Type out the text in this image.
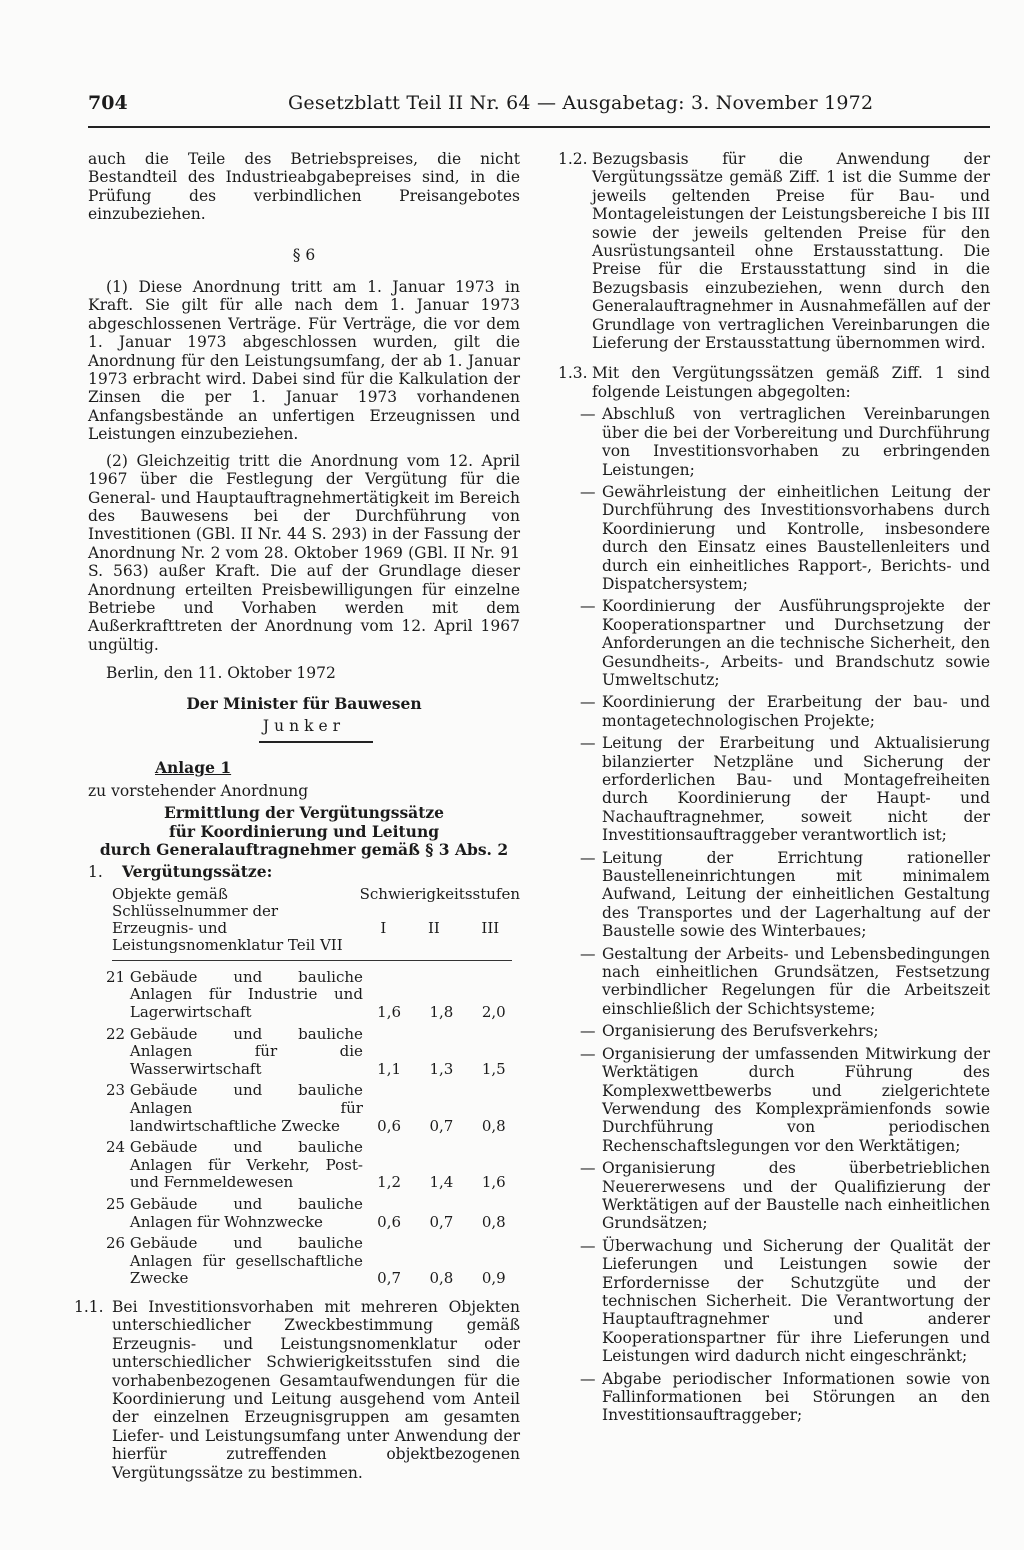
704	Gesetzblatt Teil II Nr. 64 — Ausgabetag: 3. November 1972

auch die Teile des Betriebspreises, die nicht Bestandteil des Industrieabgabepreises sind, in die Prüfung des verbindlichen Preisangebotes einzubeziehen.

§ 6

(1) Diese Anordnung tritt am 1. Januar 1973 in Kraft. Sie gilt für alle nach dem 1. Januar 1973 abgeschlossenen Verträge. Für Verträge, die vor dem 1. Januar 1973 abgeschlossen wurden, gilt die Anordnung für den Leistungsumfang, der ab 1. Januar 1973 erbracht wird. Dabei sind für die Kalkulation der Zinsen die per 1. Januar 1973 vorhandenen Anfangsbestände an unfertigen Erzeugnissen und Leistungen einzubeziehen.

(2) Gleichzeitig tritt die Anordnung vom 12. April 1967 über die Festlegung der Vergütung für die General- und Hauptauftragnehmertätigkeit im Bereich des Bauwesens bei der Durchführung von Investitionen (GBl. II Nr. 44 S. 293) in der Fassung der Anordnung Nr. 2 vom 28. Oktober 1969 (GBl. II Nr. 91 S. 563) außer Kraft. Die auf der Grundlage dieser Anordnung erteilten Preisbewilligungen für einzelne Betriebe und Vorhaben werden mit dem Außerkrafttreten der Anordnung vom 12. April 1967 ungültig.

Berlin, den 11. Oktober 1972

Der Minister für Bauwesen

Junker

Anlage 1

zu vorstehender Anordnung

Ermittlung der Vergütungssätze

für Koordinierung und Leitung

durch Generalauftragnehmer gemäß § 3 Abs. 2

1.	Vergütungssätze:
Objekte gemäß Schlüsselnummer der Erzeugnis- und Leistungsnomenklatur Teil VII
Schwierigkeitsstufen
I	II	III
21	Gebäude und bauliche Anlagen für Industrie und Lagerwirtschaft	1,6	1,8	2,0

22	Gebäude und bauliche Anlagen für die Wasserwirtschaft	1,1	1,3	1,5

23	Gebäude und bauliche Anlagen für landwirtschaftliche Zwecke	0,6	0,7	0,8

24	Gebäude und bauliche Anlagen für Verkehr, Post- und Fernmeldewesen	1,2	1,4	1,6

25	Gebäude und bauliche Anlagen für Wohnzwecke	0,6	0,7	0,8

26	Gebäude und bauliche Anlagen für gesellschaftliche Zwecke	0,7	0,8	0,9
1.1. Bei Investitionsvorhaben mit mehreren Objekten unterschiedlicher Zweckbestimmung gemäß Erzeugnis- und Leistungsnomenklatur oder unterschiedlicher Schwierigkeitsstufen sind die vorhabenbezogenen Gesamtaufwendungen für die Koordinierung und Leitung ausgehend vom Anteil der einzelnen Erzeugnisgruppen am gesamten Liefer- und Leistungsumfang unter Anwendung der hierfür zutreffenden objektbezogenen Vergütungssätze zu bestimmen.
1.2. Bezugsbasis für die Anwendung der Vergütungssätze gemäß Ziff. 1 ist die Summe der jeweils geltenden Preise für Bau- und Montageleistungen der Leistungsbereiche I bis III sowie der jeweils geltenden Preise für den Ausrüstungsanteil ohne Erstausstattung. Die Preise für die Erstausstattung sind in die Bezugsbasis einzubeziehen, wenn durch den Generalauftragnehmer in Ausnahmefällen auf der Grundlage von vertraglichen Vereinbarungen die Lieferung der Erstausstattung übernommen wird.
1.3. Mit den Vergütungssätzen gemäß Ziff. 1 sind folgende Leistungen abgegolten:
— Abschluß von vertraglichen Vereinbarungen über die bei der Vorbereitung und Durchführung von Investitionsvorhaben zu erbringenden Leistungen;
— Gewährleistung der einheitlichen Leitung der Durchführung des Investitionsvorhabens durch Koordinierung und Kontrolle, insbesondere durch den Einsatz eines Baustellenleiters und durch ein einheitliches Rapport-, Berichts- und Dispatchersystem;
— Koordinierung der Ausführungsprojekte der Kooperationspartner und Durchsetzung der Anforderungen an die technische Sicherheit, den Gesundheits-, Arbeits- und Brandschutz sowie Umweltschutz;
— Koordinierung der Erarbeitung der bau- und montagetechnologischen Projekte;
— Leitung der Erarbeitung und Aktualisierung bilanzierter Netzpläne und Sicherung der erforderlichen Bau- und Montagefreiheiten durch Koordinierung der Haupt- und Nachauftragnehmer, soweit nicht der Investitionsauftraggeber verantwortlich ist;
— Leitung der Errichtung rationeller Baustelleneinrichtungen mit minimalem Aufwand, Leitung der einheitlichen Gestaltung des Transportes und der Lagerhaltung auf der Baustelle sowie des Winterbaues;
— Gestaltung der Arbeits- und Lebensbedingungen nach einheitlichen Grundsätzen, Festsetzung verbindlicher Regelungen für die Arbeitszeit einschließlich der Schichtsysteme;
— Organisierung des Berufsverkehrs;
— Organisierung der umfassenden Mitwirkung der Werktätigen durch Führung des Komplexwettbewerbs und zielgerichtete Verwendung des Komplexprämienfonds sowie Durchführung von periodischen Rechenschaftslegungen vor den Werktätigen;
— Organisierung des überbetrieblichen Neuererwesens und der Qualifizierung der Werktätigen auf der Baustelle nach einheitlichen Grundsätzen;
— Überwachung und Sicherung der Qualität der Lieferungen und Leistungen sowie der Erfordernisse der Schutzgüte und der technischen Sicherheit. Die Verantwortung der Hauptauftragnehmer und anderer Kooperationspartner für ihre Lieferungen und Leistungen wird dadurch nicht eingeschränkt;
— Abgabe periodischer Informationen sowie von Fallinformationen bei Störungen an den Investitionsauftraggeber;
